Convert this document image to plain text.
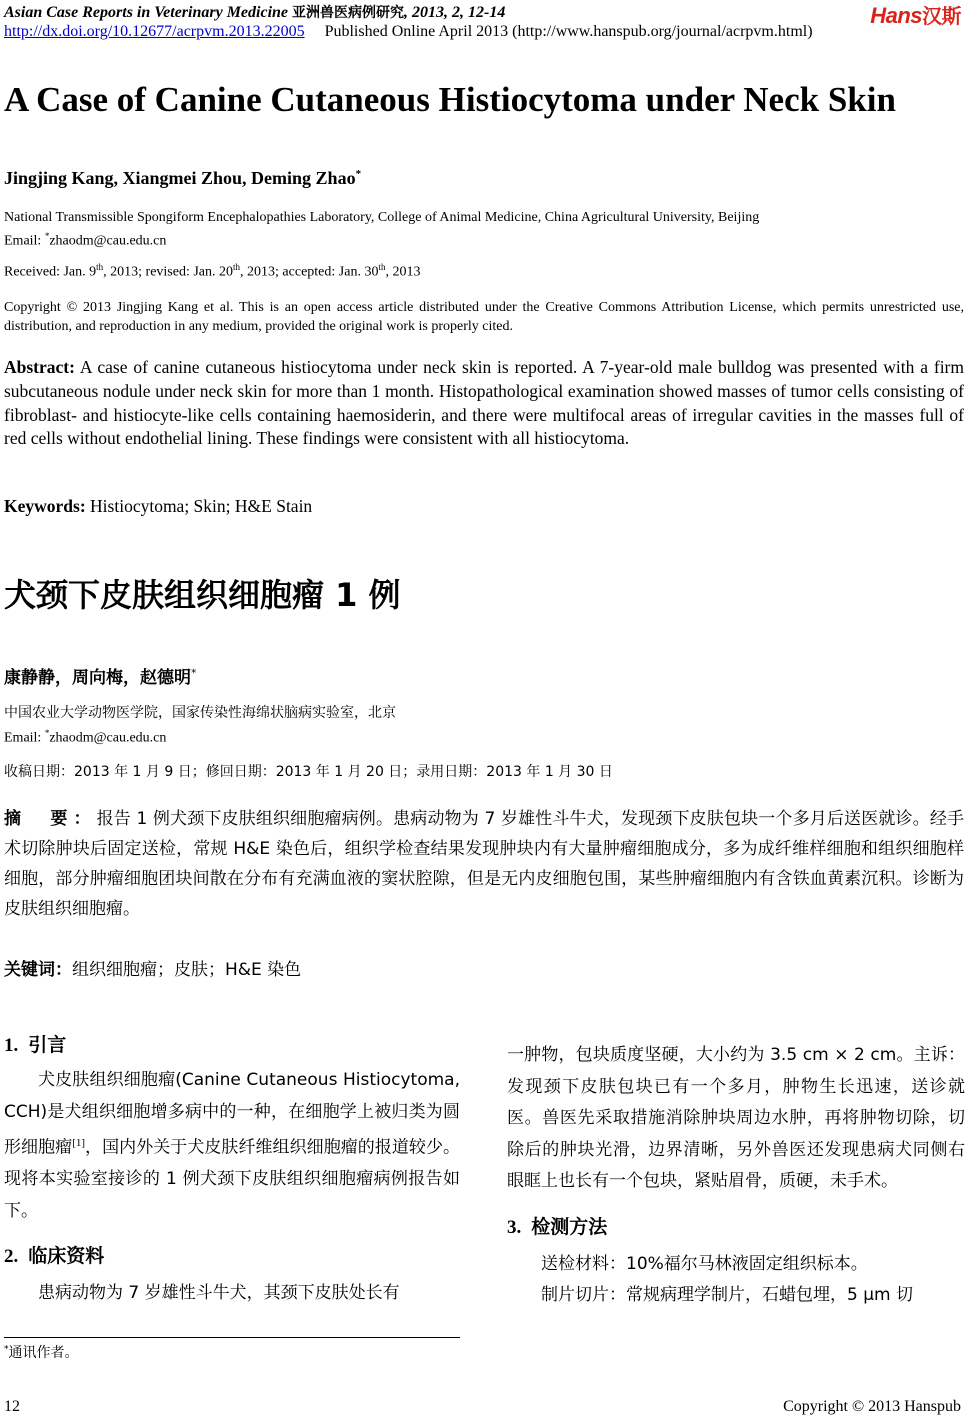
Asian Case Reports in Veterinary Medicine 亚洲兽医病例研究, 2013, 2, 12-14	Hans汉斯
http://dx.doi.org/10.12677/acrpvm.2013.22005 Published Online April 2013 (http://www.hanspub.org/journal/acrpvm.html)
A Case of Canine Cutaneous Histiocytoma under Neck Skin
Jingjing Kang, Xiangmei Zhou, Deming Zhao*
National Transmissible Spongiform Encephalopathies Laboratory, College of Animal Medicine, China Agricultural University, Beijing
Email: *zhaodm@cau.edu.cn
Received: Jan. 9th, 2013; revised: Jan. 20th, 2013; accepted: Jan. 30th, 2013
Copyright © 2013 Jingjing Kang et al. This is an open access article distributed under the Creative Commons Attribution License, which permits unrestricted use, distribution, and reproduction in any medium, provided the original work is properly cited.
Abstract: A case of canine cutaneous histiocytoma under neck skin is reported. A 7-year-old male bulldog was presented with a firm subcutaneous nodule under neck skin for more than 1 month. Histopathological examination showed masses of tumor cells consisting of fibroblast- and histiocyte-like cells containing haemosiderin, and there were multifocal areas of irregular cavities in the masses full of red cells without endothelial lining. These findings were consistent with all histiocytoma.
Keywords: Histiocytoma; Skin; H&E Stain
犬颈下皮肤组织细胞瘤 1 例
康静静，周向梅，赵德明*
中国农业大学动物医学院，国家传染性海绵状脑病实验室，北京
Email: *zhaodm@cau.edu.cn
收稿日期：2013 年 1 月 9 日；修回日期：2013 年 1 月 20 日；录用日期：2013 年 1 月 30 日
摘　要：报告 1 例犬颈下皮肤组织细胞瘤病例。患病动物为 7 岁雄性斗牛犬，发现颈下皮肤包块一个多月后送医就诊。经手术切除肿块后固定送检，常规 H&E 染色后，组织学检查结果发现肿块内有大量肿瘤细胞成分，多为成纤维样细胞和组织细胞样细胞，部分肿瘤细胞团块间散在分布有充满血液的窦状腔隙，但是无内皮细胞包围，某些肿瘤细胞内有含铁血黄素沉积。诊断为皮肤组织细胞瘤。
关键词：组织细胞瘤；皮肤；H&E 染色
1. 引言
犬皮肤组织细胞瘤(Canine Cutaneous Histiocytoma, CCH)是犬组织细胞增多病中的一种，在细胞学上被归类为圆形细胞瘤[1]，国内外关于犬皮肤纤维组织细胞瘤的报道较少。现将本实验室接诊的 1 例犬颈下皮肤组织细胞瘤病例报告如下。
2. 临床资料
患病动物为 7 岁雄性斗牛犬，其颈下皮肤处长有
一肿物，包块质度坚硬，大小约为 3.5 cm × 2 cm。主诉：发现颈下皮肤包块已有一个多月，肿物生长迅速，送诊就医。兽医先采取措施消除肿块周边水肿，再将肿物切除，切除后的肿块光滑，边界清晰，另外兽医还发现患病犬同侧右眼眶上也长有一个包块，紧贴眉骨，质硬，未手术。
3. 检测方法
送检材料：10%福尔马林液固定组织标本。
制片切片：常规病理学制片，石蜡包埋，5 μm 切
*通讯作者。
12	Copyright © 2013 Hanspub
